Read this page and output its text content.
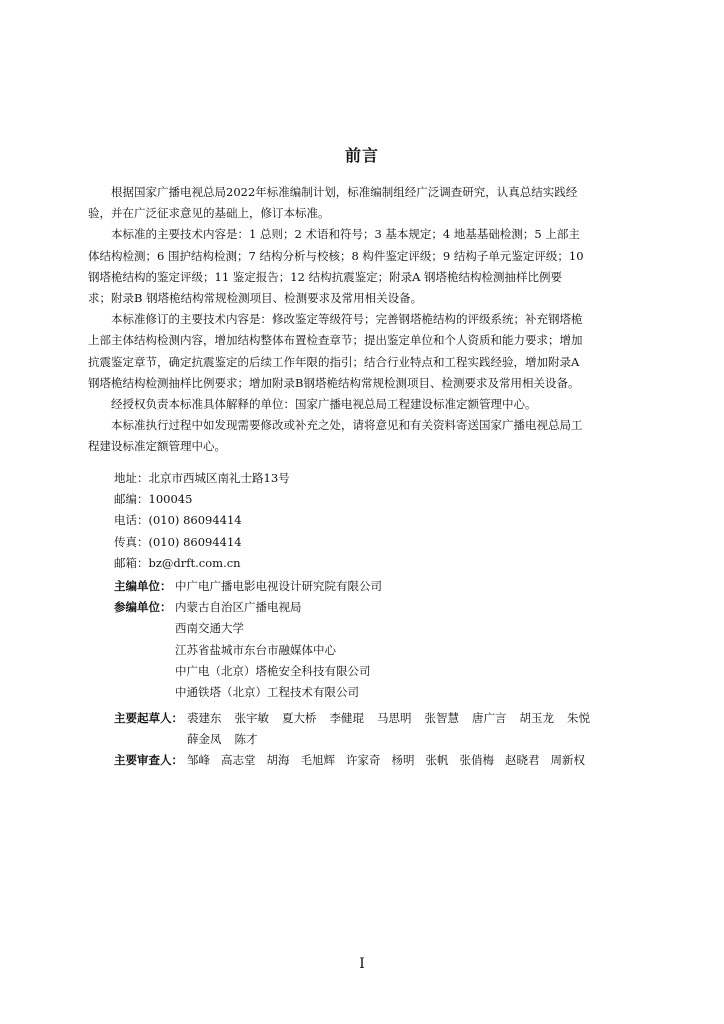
前言

根据国家广播电视总局2022年标准编制计划，标准编制组经广泛调查研究，认真总结实践经
验，并在广泛征求意见的基础上，修订本标准。

本标准的主要技术内容是：1 总则；2 术语和符号；3 基本规定；4 地基基础检测；5 上部主
体结构检测；6 围护结构检测；7 结构分析与校核；8 构件鉴定评级；9 结构子单元鉴定评级；10
钢塔桅结构的鉴定评级；11 鉴定报告；12 结构抗震鉴定；附录A 钢塔桅结构检测抽样比例要
求；附录B 钢塔桅结构常规检测项目、检测要求及常用相关设备。

本标准修订的主要技术内容是：修改鉴定等级符号；完善钢塔桅结构的评级系统；补充钢塔桅
上部主体结构检测内容，增加结构整体布置检查章节；提出鉴定单位和个人资质和能力要求；增加
抗震鉴定章节，确定抗震鉴定的后续工作年限的指引；结合行业特点和工程实践经验，增加附录A
钢塔桅结构检测抽样比例要求；增加附录B钢塔桅结构常规检测项目、检测要求及常用相关设备。

经授权负责本标准具体解释的单位：国家广播电视总局工程建设标准定额管理中心。

本标准执行过程中如发现需要修改或补充之处，请将意见和有关资料寄送国家广播电视总局工
程建设标准定额管理中心。

地址：北京市西城区南礼士路13号
邮编：100045
电话：(010) 86094414
传真：(010) 86094414
邮箱：bz@drft.com.cn
主编单位： 中广电广播电影电视设计研究院有限公司
参编单位： 内蒙古自治区广播电视局
西南交通大学
江苏省盐城市东台市融媒体中心
中广电（北京）塔桅安全科技有限公司
中通铁塔（北京）工程技术有限公司
主要起草人： 裘建东 张宇敏 夏大桥 李健琨 马思明 张智慧 唐广言 胡玉龙 朱悦
薛金凤 陈才
主要审查人： 邹峰 高志堂 胡海 毛旭辉 许家奇 杨明 张帆 张俏梅 赵晓君 周新权
I
